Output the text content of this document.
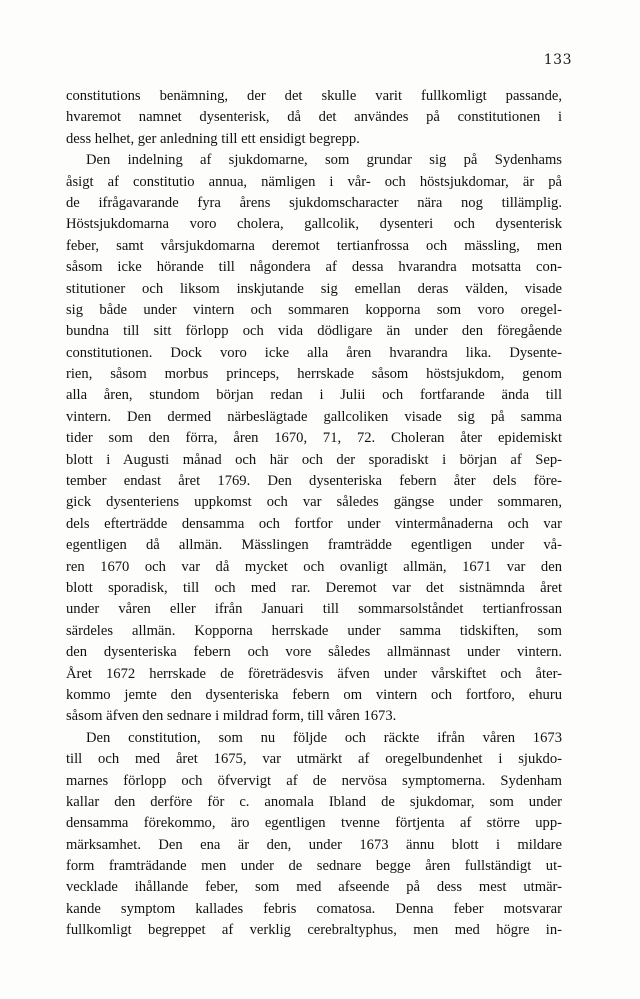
133
constitutions benämning, der det skulle varit fullkomligt passande,
hvaremot namnet dysenterisk, då det användes på constitutionen i
dess helhet, ger anledning till ett ensidigt begrepp.
Den indelning af sjukdomarne, som grundar sig på Sydenhams
åsigt af constitutio annua, nämligen i vår- och höstsjukdomar, är på
de ifrågavarande fyra årens sjukdomscharacter nära nog tillämplig.
Höstsjukdomarna voro cholera, gallcolik, dysenteri och dysenterisk
feber, samt vårsjukdomarna deremot tertianfrossa och mässling, men
såsom icke hörande till någondera af dessa hvarandra motsatta con-
stitutioner och liksom inskjutande sig emellan deras välden, visade
sig både under vintern och sommaren kopporna som voro oregel-
bundna till sitt förlopp och vida dödligare än under den föregående
constitutionen. Dock voro icke alla åren hvarandra lika. Dysente-
rien, såsom morbus princeps, herrskade såsom höstsjukdom, genom
alla åren, stundom början redan i Julii och fortfarande ända till
vintern. Den dermed närbeslägtade gallcoliken visade sig på samma
tider som den förra, åren 1670, 71, 72. Choleran åter epidemiskt
blott i Augusti månad och här och der sporadiskt i början af Sep-
tember endast året 1769. Den dysenteriska febern åter dels före-
gick dysenteriens uppkomst och var således gängse under sommaren,
dels efterträdde densamma och fortfor under vintermånaderna och var
egentligen då allmän. Mässlingen framträdde egentligen under vå-
ren 1670 och var då mycket och ovanligt allmän, 1671 var den
blott sporadisk, till och med rar. Deremot var det sistnämnda året
under våren eller ifrån Januari till sommarsolståndet tertianfrossan
särdeles allmän. Kopporna herrskade under samma tidskiften, som
den dysenteriska febern och vore således allmännast under vintern.
Året 1672 herrskade de företrädesvis äfven under vårskiftet och åter-
kommo jemte den dysenteriska febern om vintern och fortforo, ehuru
såsom äfven den sednare i mildrad form, till våren 1673.
Den constitution, som nu följde och räckte ifrån våren 1673
till och med året 1675, var utmärkt af oregelbundenhet i sjukdo-
marnes förlopp och öfvervigt af de nervösa symptomerna. Sydenham
kallar den derföre för c. anomala Ibland de sjukdomar, som under
densamma förekommo, äro egentligen tvenne förtjenta af större upp-
märksamhet. Den ena är den, under 1673 ännu blott i mildare
form framträdande men under de sednare begge åren fullständigt ut-
vecklade ihållande feber, som med afseende på dess mest utmär-
kande symptom kallades febris comatosa. Denna feber motsvarar
fullkomligt begreppet af verklig cerebraltyphus, men med högre in-
